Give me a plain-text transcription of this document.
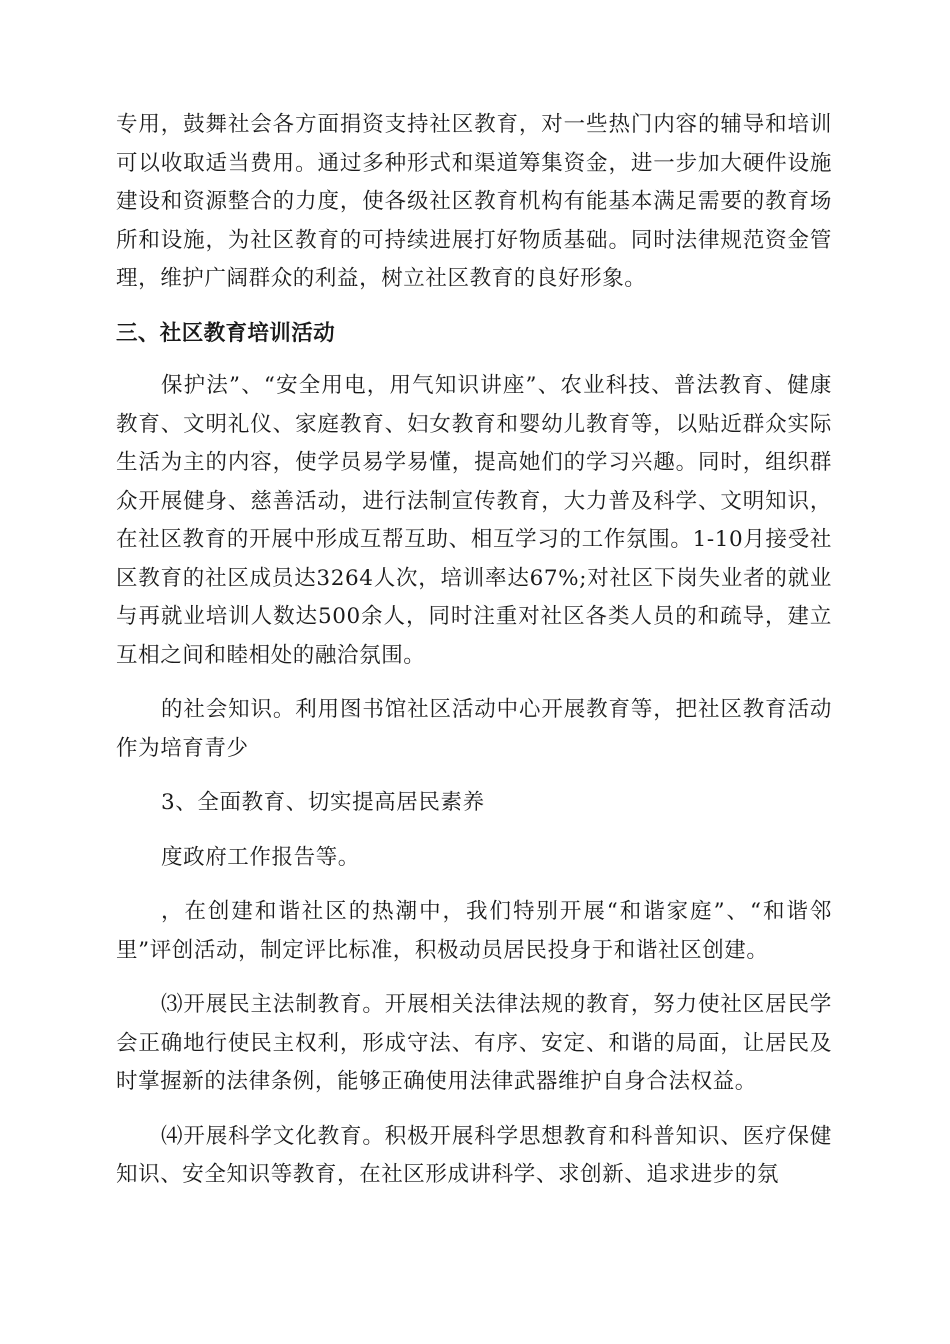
专用，鼓舞社会各方面捐资支持社区教育，对一些热门内容的辅导和培训可以收取适当费用。通过多种形式和渠道筹集资金，进一步加大硬件设施建设和资源整合的力度，使各级社区教育机构有能基本满足需要的教育场所和设施，为社区教育的可持续进展打好物质基础。同时法律规范资金管理，维护广阔群众的利益，树立社区教育的良好形象。

三、社区教育培训活动

保护法”、“安全用电，用气知识讲座”、农业科技、普法教育、健康教育、文明礼仪、家庭教育、妇女教育和婴幼儿教育等，以贴近群众实际生活为主的内容，使学员易学易懂，提高她们的学习兴趣。同时，组织群众开展健身、慈善活动，进行法制宣传教育，大力普及科学、文明知识，在社区教育的开展中形成互帮互助、相互学习的工作氛围。1-10月接受社区教育的社区成员达3264人次，培训率达67%;对社区下岗失业者的就业与再就业培训人数达500余人，同时注重对社区各类人员的和疏导，建立互相之间和睦相处的融洽氛围。

的社会知识。利用图书馆社区活动中心开展教育等，把社区教育活动作为培育青少

3、全面教育、切实提高居民素养

度政府工作报告等。

，在创建和谐社区的热潮中，我们特别开展“和谐家庭”、“和谐邻里”评创活动，制定评比标准，积极动员居民投身于和谐社区创建。

⑶开展民主法制教育。开展相关法律法规的教育，努力使社区居民学会正确地行使民主权利，形成守法、有序、安定、和谐的局面，让居民及时掌握新的法律条例，能够正确使用法律武器维护自身合法权益。

⑷开展科学文化教育。积极开展科学思想教育和科普知识、医疗保健知识、安全知识等教育，在社区形成讲科学、求创新、追求进步的氛
